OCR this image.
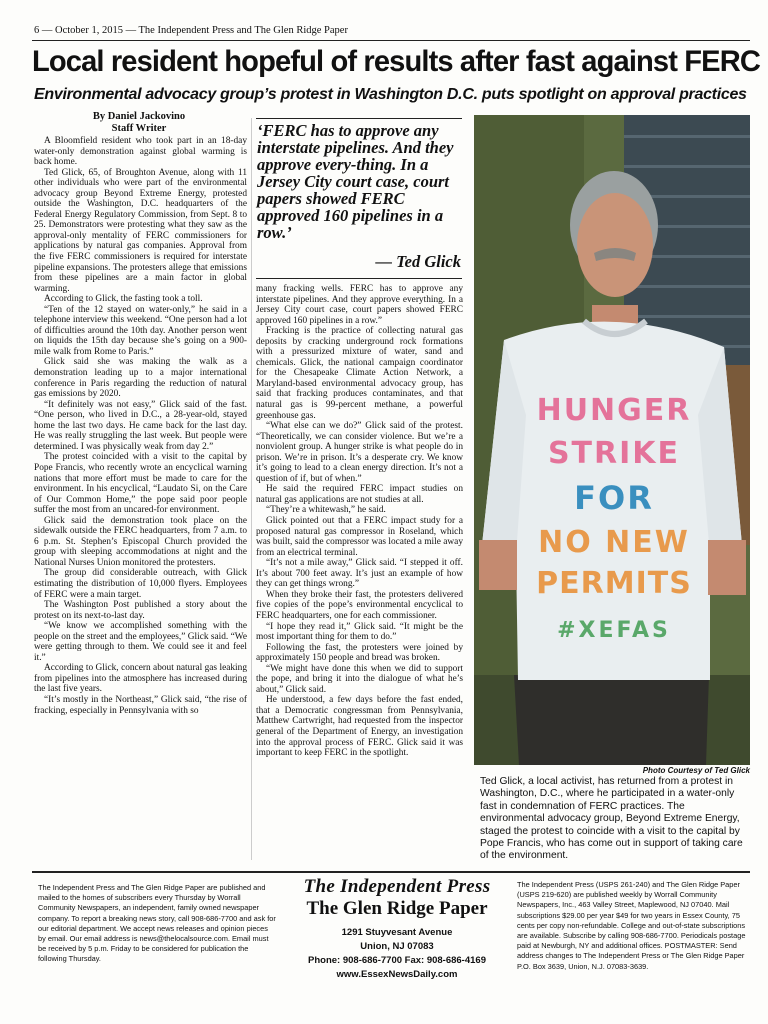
6 — October 1, 2015 — The Independent Press and The Glen Ridge Paper
Local resident hopeful of results after fast against FERC
Environmental advocacy group’s protest in Washington D.C. puts spotlight on approval practices
By Daniel Jackovino
Staff Writer

A Bloomfield resident who took part in an 18-day water-only demonstration against global warming is back home.

Ted Glick, 65, of Broughton Avenue, along with 11 other individuals who were part of the environmental advocacy group Beyond Extreme Energy, protested outside the Washington, D.C. headquarters of the Federal Energy Regulatory Commission, from Sept. 8 to 25. Demonstrators were protesting what they saw as the approval-only mentality of FERC commissioners for applications by natural gas companies. Approval from the five FERC commissioners is required for interstate pipeline expansions. The protesters allege that emissions from these pipelines are a main factor in global warming.

According to Glick, the fasting took a toll.

“Ten of the 12 stayed on water-only,” he said in a telephone interview this weekend. “One person had a lot of difficulties around the 10th day. Another person went on liquids the 15th day because she’s going on a 900-mile walk from Rome to Paris.”

Glick said she was making the walk as a demonstration leading up to a major international conference in Paris regarding the reduction of natural gas emissions by 2020.

“It definitely was not easy,” Glick said of the fast. “One person, who lived in D.C., a 28-year-old, stayed home the last two days. He came back for the last day. He was really struggling the last week. But people were determined. I was physically weak from day 2.”

The protest coincided with a visit to the capital by Pope Francis, who recently wrote an encyclical warning nations that more effort must be made to care for the environment. In his encyclical, “Laudato Si, on the Care of Our Common Home,” the pope said poor people suffer the most from an uncared-for environment.

Glick said the demonstration took place on the sidewalk outside the FERC headquarters, from 7 a.m. to 6 p.m. St. Stephen’s Episcopal Church provided the group with sleeping accommodations at night and the National Nurses Union monitored the protesters.

The group did considerable outreach, with Glick estimating the distribution of 10,000 flyers. Employees of FERC were a main target.

The Washington Post published a story about the protest on its next-to-last day.

“We know we accomplished something with the people on the street and the employees,” Glick said. “We were getting through to them. We could see it and feel it.”

According to Glick, concern about natural gas leaking from pipelines into the atmosphere has increased during the last five years.

“It’s mostly in the Northeast,” Glick said, “the rise of fracking, especially in Pennsylvania with so

‘FERC has to approve any interstate pipelines. And they approve every-thing. In a Jersey City court case, court papers showed FERC approved 160 pipelines in a row.’
— Ted Glick

many fracking wells. FERC has to approve any interstate pipelines. And they approve everything. In a Jersey City court case, court papers showed FERC approved 160 pipelines in a row.”

Fracking is the practice of collecting natural gas deposits by cracking underground rock formations with a pressurized mixture of water, sand and chemicals. Glick, the national campaign coordinator for the Chesapeake Climate Action Network, a Maryland-based environmental advocacy group, has said that fracking produces contaminates, and that natural gas is 99-percent methane, a powerful greenhouse gas.

“What else can we do?” Glick said of the protest. “Theoretically, we can consider violence. But we’re a nonviolent group. A hunger strike is what people do in prison. We’re in prison. It’s a desperate cry. We know it’s going to lead to a clean energy direction. It’s not a question of if, but of when.”

He said the required FERC impact studies on natural gas applications are not studies at all.

“They’re a whitewash,” he said.

Glick pointed out that a FERC impact study for a proposed natural gas compressor in Roseland, which was built, said the compressor was located a mile away from an electrical terminal.

“It’s not a mile away,” Glick said. “I stepped it off. It’s about 700 feet away. It’s just an example of how they can get things wrong.”

When they broke their fast, the protesters delivered five copies of the pope’s environmental encyclical to FERC headquarters, one for each commissioner.

“I hope they read it,” Glick said. “It might be the most important thing for them to do.”

Following the fast, the protesters were joined by approximately 150 people and bread was broken.

“We might have done this when we did to support the pope, and bring it into the dialogue of what he’s about,” Glick said.

He understood, a few days before the fast ended, that a Democratic congressman from Pennsylvania, Matthew Cartwright, had requested from the inspector general of the Department of Energy, an investigation into the approval process of FERC. Glick said it was important to keep FERC in the spotlight.

HUNGER
STRIKE
FOR
NO NEW
PERMITS
#XEFAS
Photo Courtesy of Ted Glick
Ted Glick, a local activist, has returned from a protest in Washington, D.C., where he participated in a water-only fast in condemnation of FERC practices. The environmental advocacy group, Beyond Extreme Energy, staged the protest to coincide with a visit to the capital by Pope Francis, who has come out in support of taking care of the environment.
The Independent Press and The Glen Ridge Paper are published and mailed to the homes of subscribers every Thursday by Worrall Community Newspapers, an independent, family owned newspaper company. To report a breaking news story, call 908-686-7700 and ask for our editorial department. We accept news releases and opinion pieces by email. Our email address is news@thelocalsource.com. Email must be received by 5 p.m. Friday to be considered for publication the following Thursday.
The Independent Press
The Glen Ridge Paper
1291 Stuyvesant Avenue
Union, NJ 07083
Phone: 908-686-7700 Fax: 908-686-4169
www.EssexNewsDaily.com
The Independent Press (USPS 261-240) and The Glen Ridge Paper (USPS 219-620) are published weekly by Worrall Community Newspapers, Inc., 463 Valley Street, Maplewood, NJ 07040. Mail subscriptions $29.00 per year $49 for two years in Essex County, 75 cents per copy non-refundable. College and out-of-state subscriptions are available. Subscribe by calling 908-686-7700. Periodicals postage paid at Newburgh, NY and additional offices. POSTMASTER: Send address changes to The Independent Press or The Glen Ridge Paper P.O. Box 3639, Union, N.J. 07083-3639.
